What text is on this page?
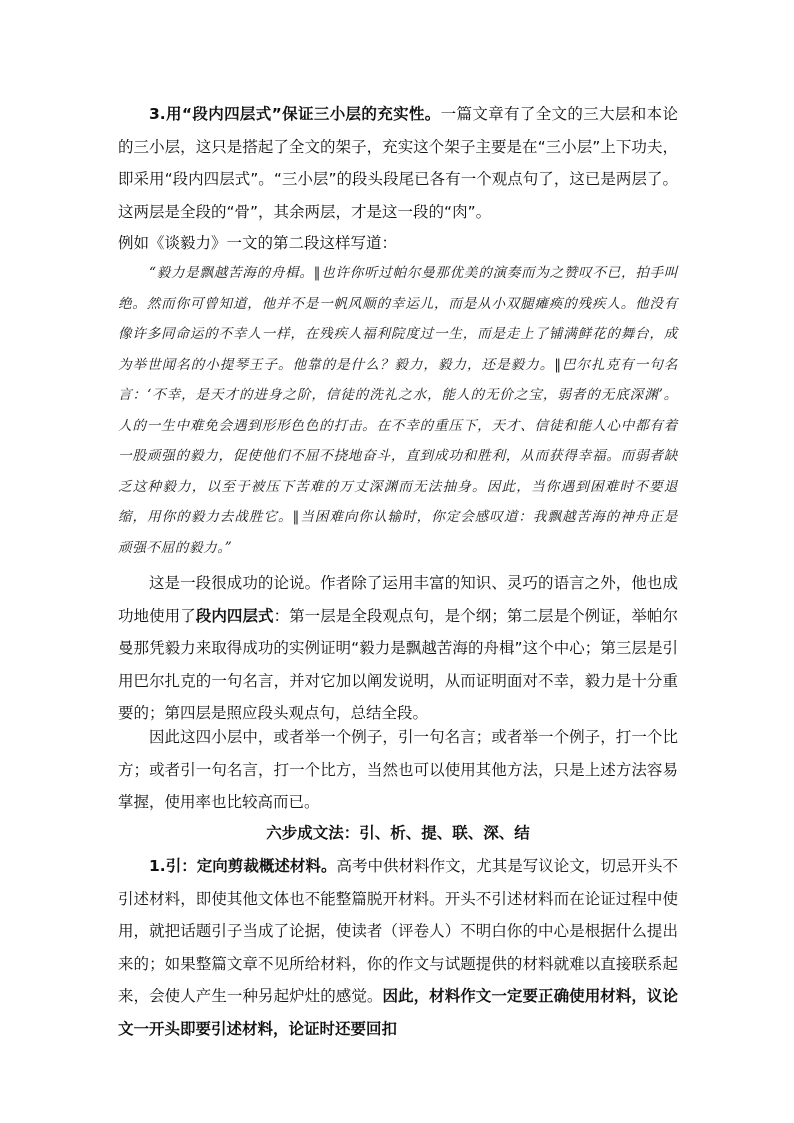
3.用“段内四层式”保证三小层的充实性。一篇文章有了全文的三大层和本论的三小层，这只是搭起了全文的架子，充实这个架子主要是在“三小层”上下功夫，即采用“段内四层式”。“三小层”的段头段尾已各有一个观点句了，这已是两层了。这两层是全段的“骨”，其余两层，才是这一段的“肉”。

例如《谈毅力》一文的第二段这样写道：

“毅力是飘越苦海的舟楫。‖也许你听过帕尔曼那优美的演奏而为之赞叹不已，拍手叫绝。然而你可曾知道，他并不是一帆风顺的幸运儿，而是从小双腿瘫痪的残疾人。他没有像许多同命运的不幸人一样，在残疾人福利院度过一生，而是走上了铺满鲜花的舞台，成为举世闻名的小提琴王子。他靠的是什么？毅力，毅力，还是毅力。‖巴尔扎克有一句名言：‘不幸，是天才的进身之阶，信徒的洗礼之水，能人的无价之宝，弱者的无底深渊’。人的一生中难免会遇到形形色色的打击。在不幸的重压下，天才、信徒和能人心中都有着一股顽强的毅力，促使他们不屈不挠地奋斗，直到成功和胜利，从而获得幸福。而弱者缺乏这种毅力，以至于被压下苦难的万丈深渊而无法抽身。因此，当你遇到困难时不要退缩，用你的毅力去战胜它。‖当困难向你认输时，你定会感叹道：我飘越苦海的神舟正是顽强不屈的毅力。”

这是一段很成功的论说。作者除了运用丰富的知识、灵巧的语言之外，他也成功地使用了段内四层式：第一层是全段观点句，是个纲；第二层是个例证，举帕尔曼那凭毅力来取得成功的实例证明“毅力是飘越苦海的舟楫”这个中心；第三层是引用巴尔扎克的一句名言，并对它加以阐发说明，从而证明面对不幸，毅力是十分重要的；第四层是照应段头观点句，总结全段。

因此这四小层中，或者举一个例子，引一句名言；或者举一个例子，打一个比方；或者引一句名言，打一个比方，当然也可以使用其他方法，只是上述方法容易掌握，使用率也比较高而已。

六步成文法：引、析、提、联、深、结

1.引：定向剪裁概述材料。高考中供材料作文，尤其是写议论文，切忌开头不引述材料，即使其他文体也不能整篇脱开材料。开头不引述材料而在论证过程中使用，就把话题引子当成了论据，使读者（评卷人）不明白你的中心是根据什么提出来的；如果整篇文章不见所给材料，你的作文与试题提供的材料就难以直接联系起来，会使人产生一种另起炉灶的感觉。因此，材料作文一定要正确使用材料，议论文一开头即要引述材料，论证时还要回扣
